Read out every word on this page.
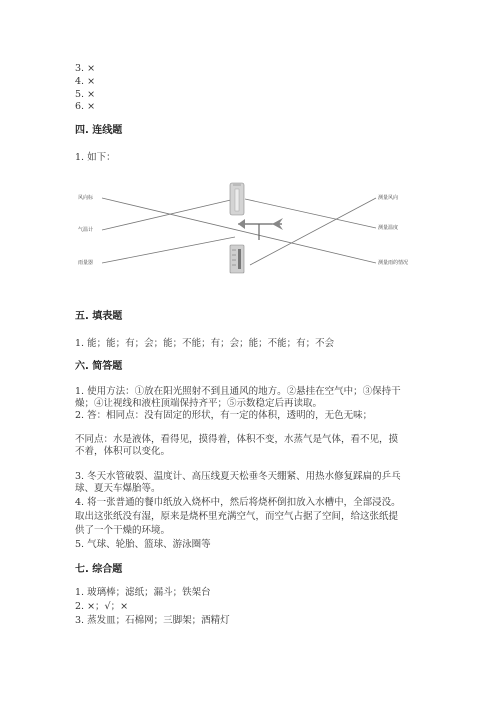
3. ×
4. ×
5. ×
6. ×
四. 连线题
1. 如下：
风向标
气温计
雨量器
测量风向
测量温度
测量雨的情况
五. 填表题
1. 能；能；有；会；能；不能；有；会；能；不能；有；不会
六. 简答题
1. 使用方法：①放在阳光照射不到且通风的地方。②悬挂在空气中；③保持干
燥；④让视线和液柱顶端保持齐平；⑤示数稳定后再读取。
2. 答：相同点：没有固定的形状，有一定的体积，透明的，无色无味；
不同点：水是液体，看得见，摸得着，体积不变，水蒸气是气体，看不见，摸
不着，体积可以变化。
3. 冬天水管破裂、温度计、高压线夏天松垂冬天绷紧、用热水修复踩扁的乒乓
球、夏天车爆胎等。
4. 将一张普通的餐巾纸放入烧杯中，然后将烧杯倒扣放入水槽中，全部浸没。
取出这张纸没有湿，原来是烧杯里充满空气，而空气占据了空间，给这张纸提
供了一个干燥的环境。
5. 气球、轮胎、篮球、游泳圈等
七. 综合题
1. 玻璃棒；滤纸；漏斗；铁架台
2. ×；√；×
3. 蒸发皿；石棉网；三脚架；酒精灯
